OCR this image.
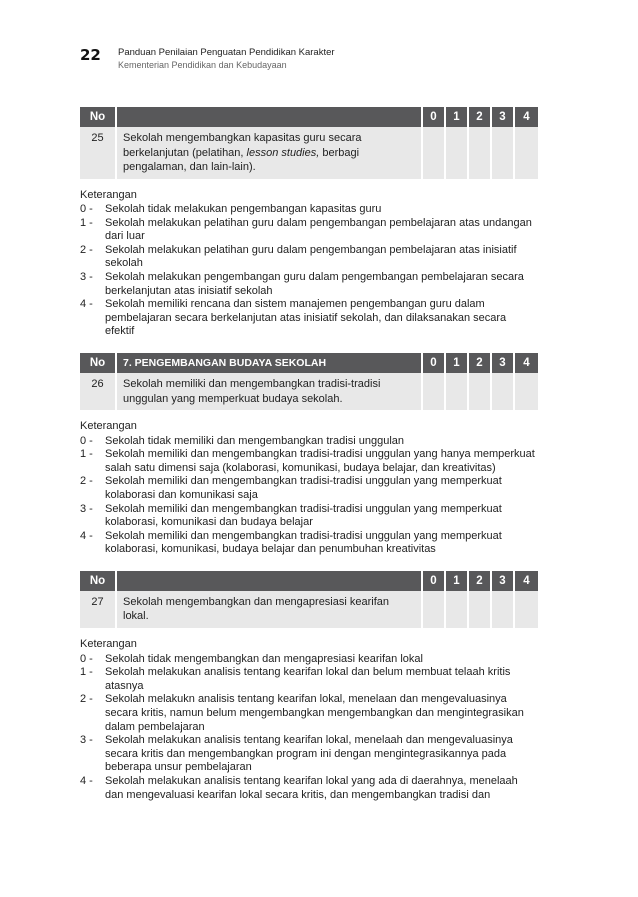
22 Panduan Penilaian Penguatan Pendidikan Karakter
Kementerian Pendidikan dan Kebudayaan
No		0	1	2	3	4
25	Sekolah mengembangkan kapasitas guru secara berkelanjutan (pelatihan, lesson studies, berbagi pengalaman, dan lain-lain).					
Keterangan
0 -	Sekolah tidak melakukan pengembangan kapasitas guru
1 -	Sekolah melakukan pelatihan guru dalam pengembangan pembelajaran atas undangan dari luar
2 -	Sekolah melakukan pelatihan guru dalam pengembangan pembelajaran atas inisiatif sekolah
3 -	Sekolah melakukan pengembangan guru dalam pengembangan pembelajaran secara berkelanjutan atas inisiatif sekolah
4 -	Sekolah memiliki rencana dan sistem manajemen pengembangan guru dalam pembelajaran secara berkelanjutan atas inisiatif sekolah, dan dilaksanakan secara efektif
No	7. PENGEMBANGAN BUDAYA SEKOLAH	0	1	2	3	4
26	Sekolah memiliki dan mengembangkan tradisi-tradisi unggulan yang memperkuat budaya sekolah.					
Keterangan
0 -	Sekolah tidak memiliki dan mengembangkan tradisi unggulan
1 -	Sekolah memiliki dan mengembangkan tradisi-tradisi unggulan yang hanya memperkuat salah satu dimensi saja (kolaborasi, komunikasi, budaya belajar, dan kreativitas)
2 -	Sekolah memiliki dan mengembangkan tradisi-tradisi unggulan yang memperkuat kolaborasi dan komunikasi saja
3 -	Sekolah memiliki dan mengembangkan tradisi-tradisi unggulan yang memperkuat kolaborasi, komunikasi dan budaya belajar
4 -	Sekolah memiliki dan mengembangkan tradisi-tradisi unggulan yang memperkuat kolaborasi, komunikasi, budaya belajar dan penumbuhan kreativitas
No		0	1	2	3	4
27	Sekolah mengembangkan dan mengapresiasi kearifan lokal.					
Keterangan
0 -	Sekolah tidak mengembangkan dan mengapresiasi kearifan lokal
1 -	Sekolah melakukan analisis tentang kearifan lokal dan belum membuat telaah kritis atasnya
2 -	Sekolah melakukn analisis tentang kearifan lokal, menelaan dan mengevaluasinya secara kritis, namun belum mengembangkan mengembangkan dan mengintegrasikan dalam pembelajaran
3 -	Sekolah melakukan analisis tentang kearifan lokal, menelaah dan mengevaluasinya secara kritis dan mengembangkan program ini dengan mengintegrasikannya pada beberapa unsur pembelajaran
4 -	Sekolah melakukan analisis tentang kearifan lokal yang ada di daerahnya, menelaah dan mengevaluasi kearifan lokal secara kritis, dan mengembangkan tradisi dan
